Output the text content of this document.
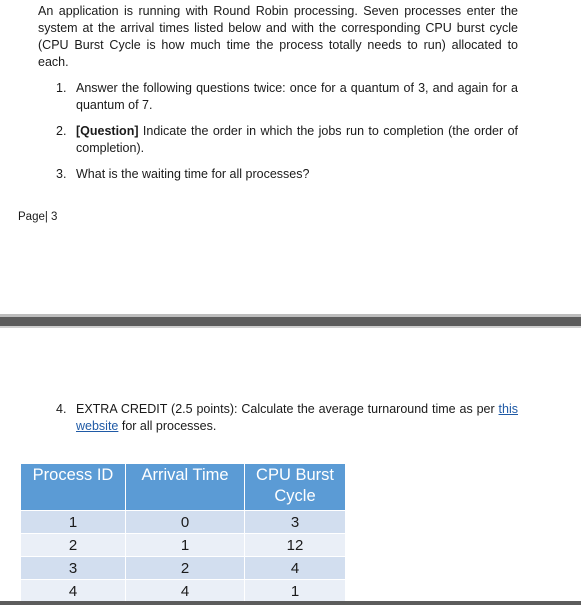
An application is running with Round Robin processing. Seven processes enter the system at the arrival times listed below and with the corresponding CPU burst cycle (CPU Burst Cycle is how much time the process totally needs to run) allocated to each.
1. Answer the following questions twice: once for a quantum of 3, and again for a quantum of 7.
2. [Question] Indicate the order in which the jobs run to completion (the order of completion).
3. What is the waiting time for all processes?
Page| 3
4. EXTRA CREDIT (2.5 points): Calculate the average turnaround time as per this website for all processes.
Process ID	Arrival Time	CPU Burst Cycle
1	0	3
2	1	12
3	2	4
4	4	1
